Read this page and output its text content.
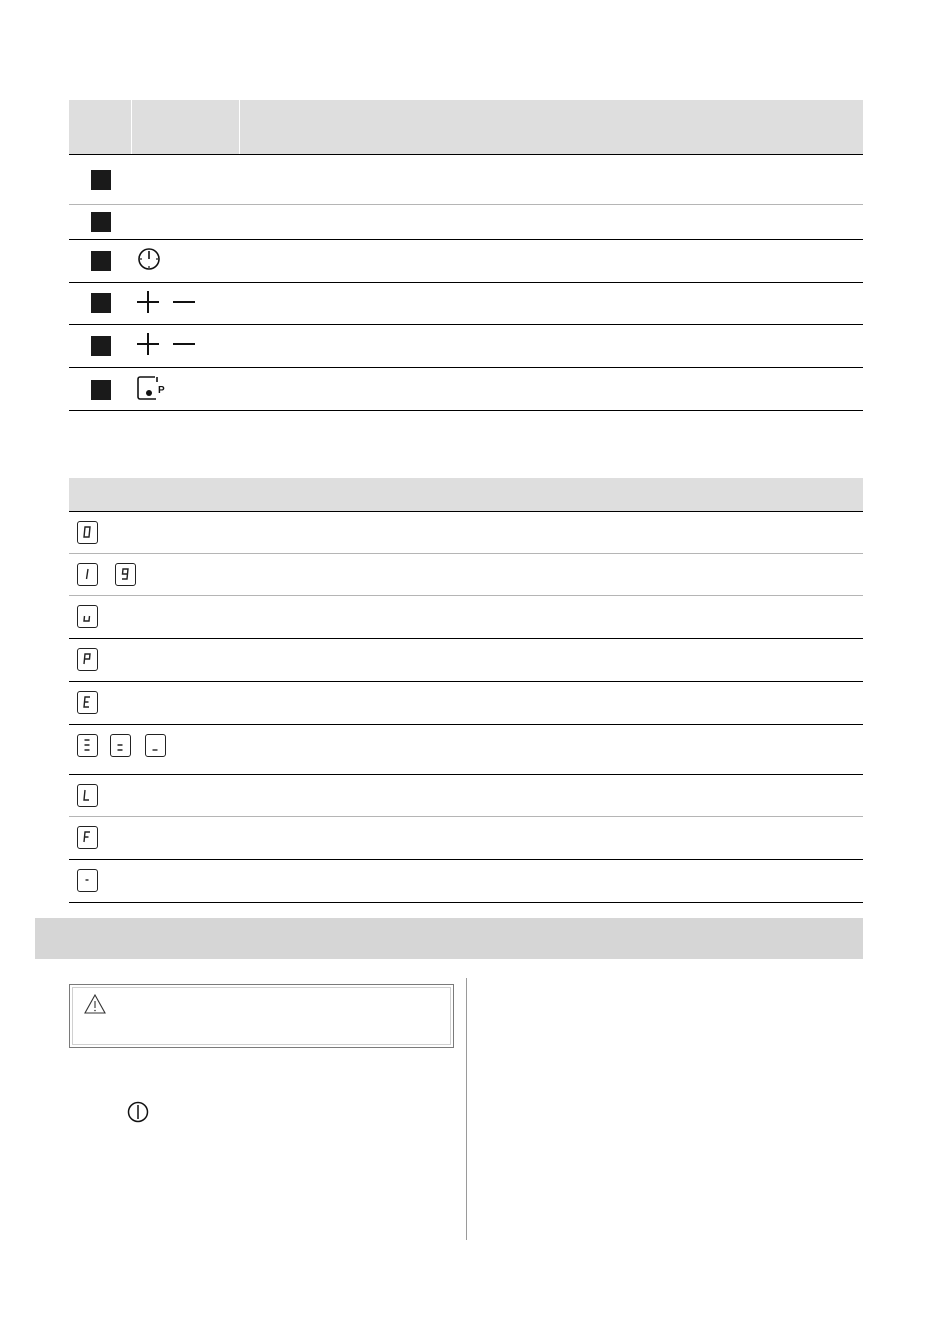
P
